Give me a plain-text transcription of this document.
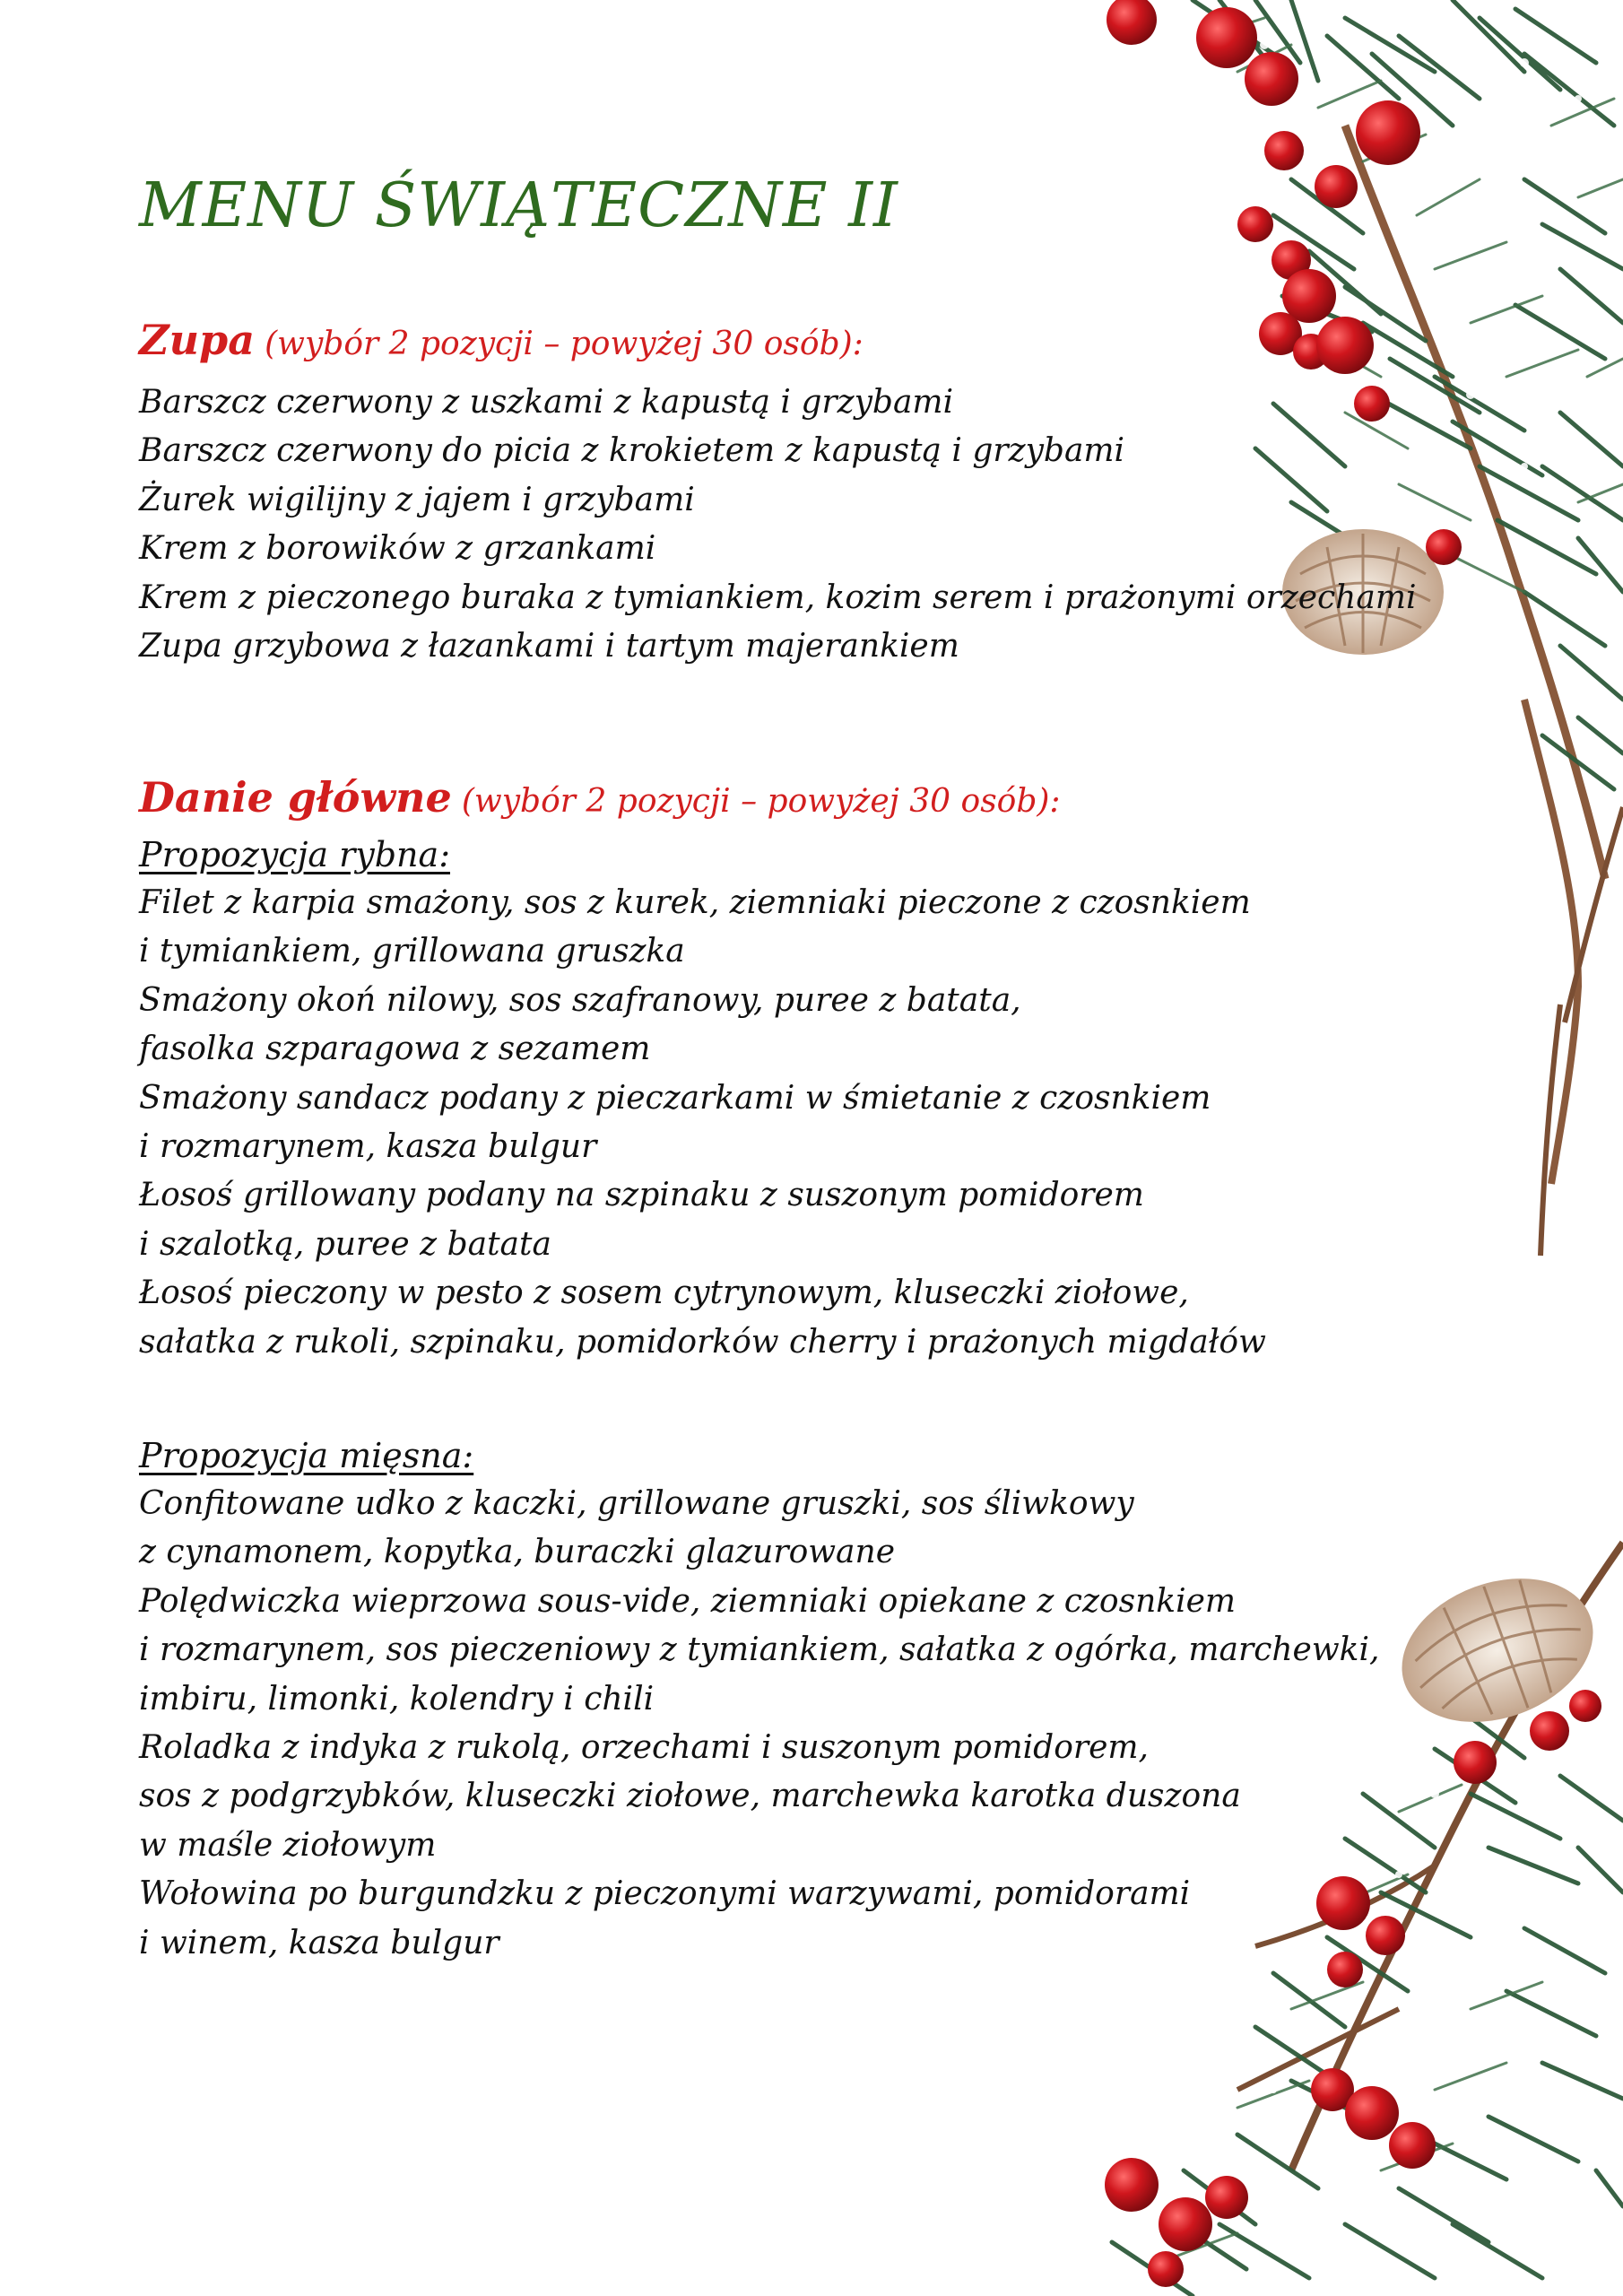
MENU ŚWIĄTECZNE II
Zupa (wybór 2 pozycji – powyżej 30 osób):
Barszcz czerwony z uszkami z kapustą i grzybami
Barszcz czerwony do picia z krokietem z kapustą i grzybami
Żurek wigilijny z jajem i grzybami
Krem z borowików z grzankami
Krem z pieczonego buraka z tymiankiem, kozim serem i prażonymi orzechami
Zupa grzybowa z łazankami i tartym majerankiem
Danie główne (wybór 2 pozycji – powyżej 30 osób):
Propozycja rybna:
Filet z karpia smażony, sos z kurek, ziemniaki pieczone z czosnkiem
i tymiankiem, grillowana gruszka
Smażony okoń nilowy, sos szafranowy, puree z batata,
fasolka szparagowa z sezamem
Smażony sandacz podany z pieczarkami w śmietanie z czosnkiem
i rozmarynem, kasza bulgur
Łosoś grillowany podany na szpinaku z suszonym pomidorem
i szalotką, puree z batata
Łosoś pieczony w pesto z sosem cytrynowym, kluseczki ziołowe,
sałatka z rukoli, szpinaku, pomidorków cherry i prażonych migdałów
Propozycja mięsna:
Confitowane udko z kaczki, grillowane gruszki, sos śliwkowy
z cynamonem, kopytka, buraczki glazurowane
Polędwiczka wieprzowa sous-vide, ziemniaki opiekane z czosnkiem
i rozmarynem, sos pieczeniowy z tymiankiem, sałatka z ogórka, marchewki,
imbiru, limonki, kolendry i chili
Roladka z indyka z rukolą, orzechami i suszonym pomidorem,
sos z podgrzybków, kluseczki ziołowe, marchewka karotka duszona
w maśle ziołowym
Wołowina po burgundzku z pieczonymi warzywami, pomidorami
i winem, kasza bulgur
